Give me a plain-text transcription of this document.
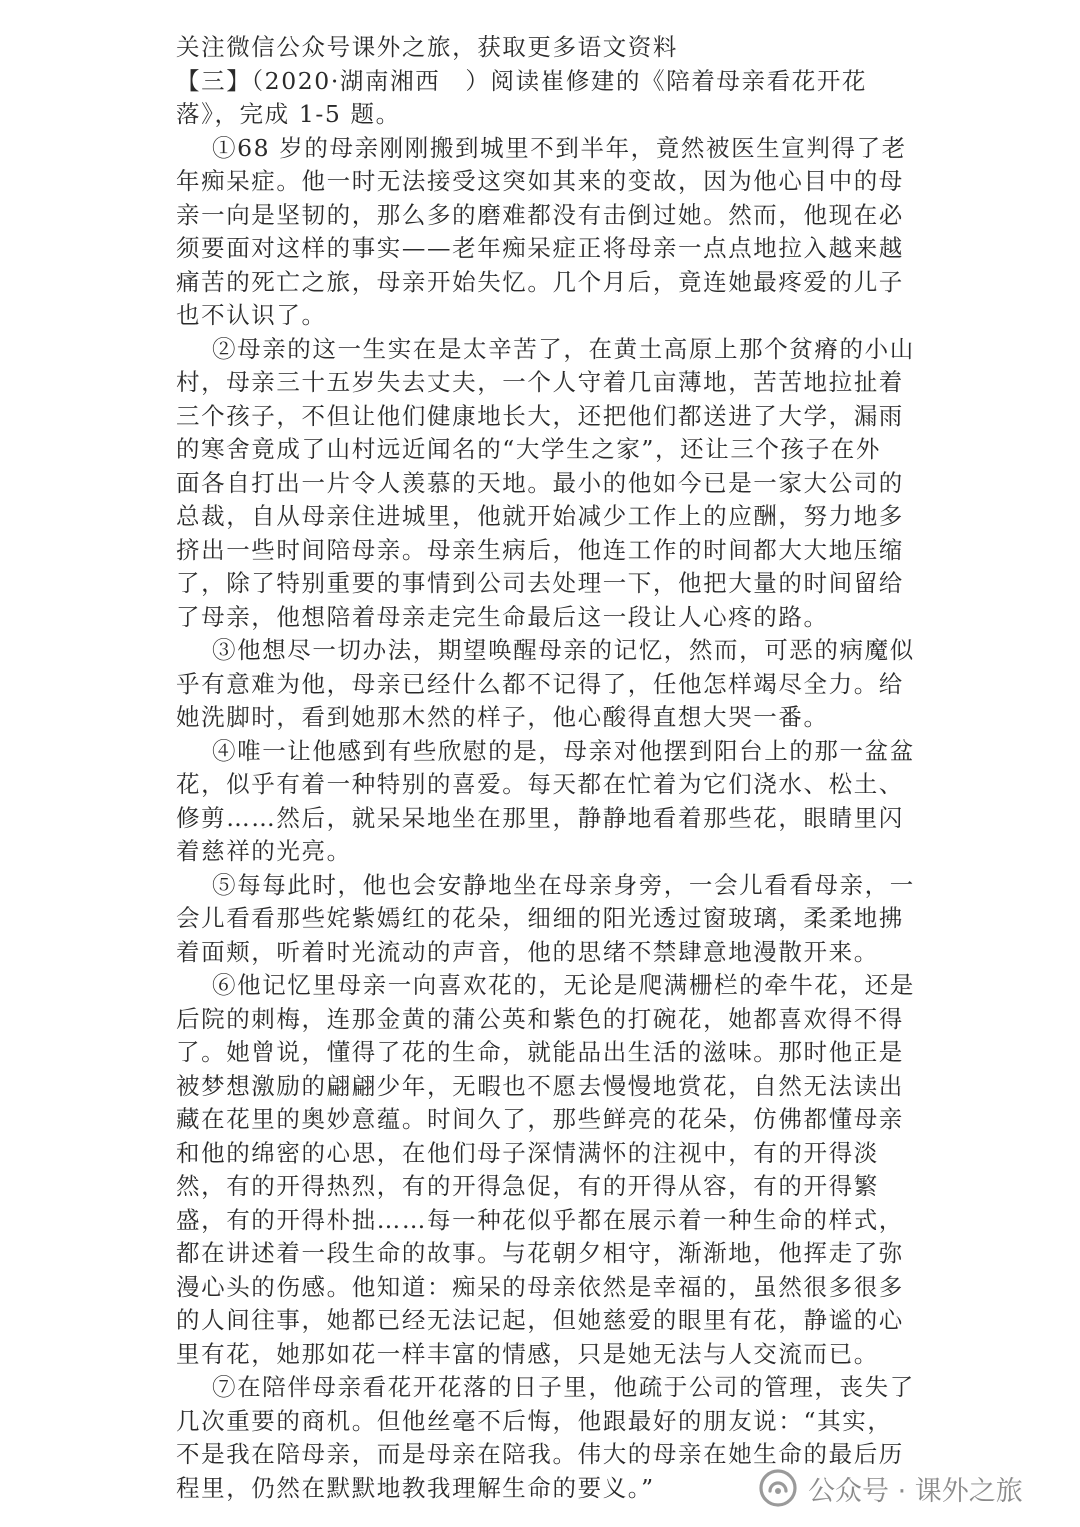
关注微信公众号课外之旅，获取更多语文资料
【三】（2020·湖南湘西　）阅读崔修建的《陪着母亲看花开花
落》，完成 1-5 题。
①68 岁的母亲刚刚搬到城里不到半年，竟然被医生宣判得了老
年痴呆症。他一时无法接受这突如其来的变故，因为他心目中的母
亲一向是坚韧的，那么多的磨难都没有击倒过她。然而，他现在必
须要面对这样的事实——老年痴呆症正将母亲一点点地拉入越来越
痛苦的死亡之旅，母亲开始失忆。几个月后，竟连她最疼爱的儿子
也不认识了。
②母亲的这一生实在是太辛苦了，在黄土高原上那个贫瘠的小山
村，母亲三十五岁失去丈夫，一个人守着几亩薄地，苦苦地拉扯着
三个孩子，不但让他们健康地长大，还把他们都送进了大学，漏雨
的寒舍竟成了山村远近闻名的“大学生之家”，还让三个孩子在外
面各自打出一片令人羡慕的天地。最小的他如今已是一家大公司的
总裁，自从母亲住进城里，他就开始减少工作上的应酬，努力地多
挤出一些时间陪母亲。母亲生病后，他连工作的时间都大大地压缩
了，除了特别重要的事情到公司去处理一下，他把大量的时间留给
了母亲，他想陪着母亲走完生命最后这一段让人心疼的路。
③他想尽一切办法，期望唤醒母亲的记忆，然而，可恶的病魔似
乎有意难为他，母亲已经什么都不记得了，任他怎样竭尽全力。给
她洗脚时，看到她那木然的样子，他心酸得直想大哭一番。
④唯一让他感到有些欣慰的是，母亲对他摆到阳台上的那一盆盆
花，似乎有着一种特别的喜爱。每天都在忙着为它们浇水、松土、
修剪……然后，就呆呆地坐在那里，静静地看着那些花，眼睛里闪
着慈祥的光亮。
⑤每每此时，他也会安静地坐在母亲身旁，一会儿看看母亲，一
会儿看看那些姹紫嫣红的花朵，细细的阳光透过窗玻璃，柔柔地拂
着面颊，听着时光流动的声音，他的思绪不禁肆意地漫散开来。
⑥他记忆里母亲一向喜欢花的，无论是爬满栅栏的牵牛花，还是
后院的刺梅，连那金黄的蒲公英和紫色的打碗花，她都喜欢得不得
了。她曾说，懂得了花的生命，就能品出生活的滋味。那时他正是
被梦想激励的翩翩少年，无暇也不愿去慢慢地赏花，自然无法读出
藏在花里的奥妙意蕴。时间久了，那些鲜亮的花朵，仿佛都懂母亲
和他的绵密的心思，在他们母子深情满怀的注视中，有的开得淡
然，有的开得热烈，有的开得急促，有的开得从容，有的开得繁
盛，有的开得朴拙……每一种花似乎都在展示着一种生命的样式，
都在讲述着一段生命的故事。与花朝夕相守，渐渐地，他挥走了弥
漫心头的伤感。他知道：痴呆的母亲依然是幸福的，虽然很多很多
的人间往事，她都已经无法记起，但她慈爱的眼里有花，静谧的心
里有花，她那如花一样丰富的情感，只是她无法与人交流而已。
⑦在陪伴母亲看花开花落的日子里，他疏于公司的管理，丧失了
几次重要的商机。但他丝毫不后悔，他跟最好的朋友说：“其实，
不是我在陪母亲，而是母亲在陪我。伟大的母亲在她生命的最后历
程里，仍然在默默地教我理解生命的要义。”	公众号 · 课外之旅
